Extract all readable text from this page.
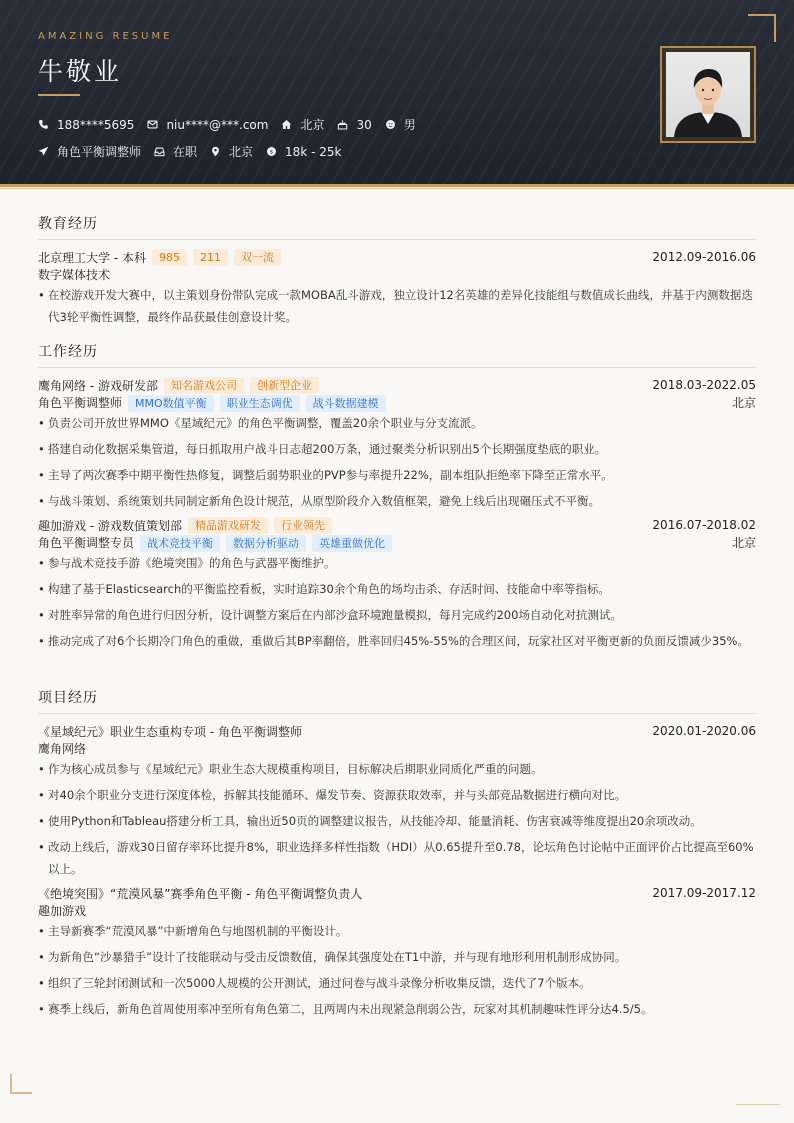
AMAZING RESUME
牛敬业
188****5695	niu****@***.com	北京	30	男
角色平衡调整师	在职	北京 $ 18k - 25k
教育经历
北京理工大学 - 本科	985	211	双一流	2012.09-2016.06
数字媒体技术
• 在校游戏开发大赛中，以主策划身份带队完成一款MOBA乱斗游戏，独立设计12名英雄的差异化技能组与数值成长曲线，并基于内测数据迭代3轮平衡性调整，最终作品获最佳创意设计奖。
工作经历
鹰角网络 - 游戏研发部	知名游戏公司	创新型企业	2018.03-2022.05
角色平衡调整师	MMO数值平衡	职业生态调优	战斗数据建模	北京
• 负责公司开放世界MMO《星域纪元》的角色平衡调整，覆盖20余个职业与分支流派。
• 搭建自动化数据采集管道，每日抓取用户战斗日志超200万条，通过聚类分析识别出5个长期强度垫底的职业。
• 主导了两次赛季中期平衡性热修复，调整后弱势职业的PVP参与率提升22%，副本组队拒绝率下降至正常水平。
• 与战斗策划、系统策划共同制定新角色设计规范，从原型阶段介入数值框架，避免上线后出现碾压式不平衡。
趣加游戏 - 游戏数值策划部	精品游戏研发	行业领先	2016.07-2018.02
角色平衡调整专员	战术竞技平衡	数据分析驱动	英雄重做优化	北京
• 参与战术竞技手游《绝境突围》的角色与武器平衡维护。
• 构建了基于Elasticsearch的平衡监控看板，实时追踪30余个角色的场均击杀、存活时间、技能命中率等指标。
• 对胜率异常的角色进行归因分析，设计调整方案后在内部沙盒环境跑量模拟，每月完成约200场自动化对抗测试。
• 推动完成了对6个长期冷门角色的重做，重做后其BP率翻倍，胜率回归45%-55%的合理区间，玩家社区对平衡更新的负面反馈减少35%。
项目经历
《星域纪元》职业生态重构专项 - 角色平衡调整师	2020.01-2020.06
鹰角网络
• 作为核心成员参与《星域纪元》职业生态大规模重构项目，目标解决后期职业同质化严重的问题。
• 对40余个职业分支进行深度体检，拆解其技能循环、爆发节奏、资源获取效率，并与头部竞品数据进行横向对比。
• 使用Python和Tableau搭建分析工具，输出近50页的调整建议报告，从技能冷却、能量消耗、伤害衰减等维度提出20余项改动。
• 改动上线后，游戏30日留存率环比提升8%，职业选择多样性指数（HDI）从0.65提升至0.78，论坛角色讨论帖中正面评价占比提高至60%以上。
《绝境突围》“荒漠风暴”赛季角色平衡 - 角色平衡调整负责人	2017.09-2017.12
趣加游戏
• 主导新赛季“荒漠风暴”中新增角色与地图机制的平衡设计。
• 为新角色“沙暴猎手”设计了技能联动与受击反馈数值，确保其强度处在T1中游，并与现有地形利用机制形成协同。
• 组织了三轮封闭测试和一次5000人规模的公开测试，通过问卷与战斗录像分析收集反馈，迭代了7个版本。
• 赛季上线后，新角色首周使用率冲至所有角色第二，且两周内未出现紧急削弱公告，玩家对其机制趣味性评分达4.5/5。
